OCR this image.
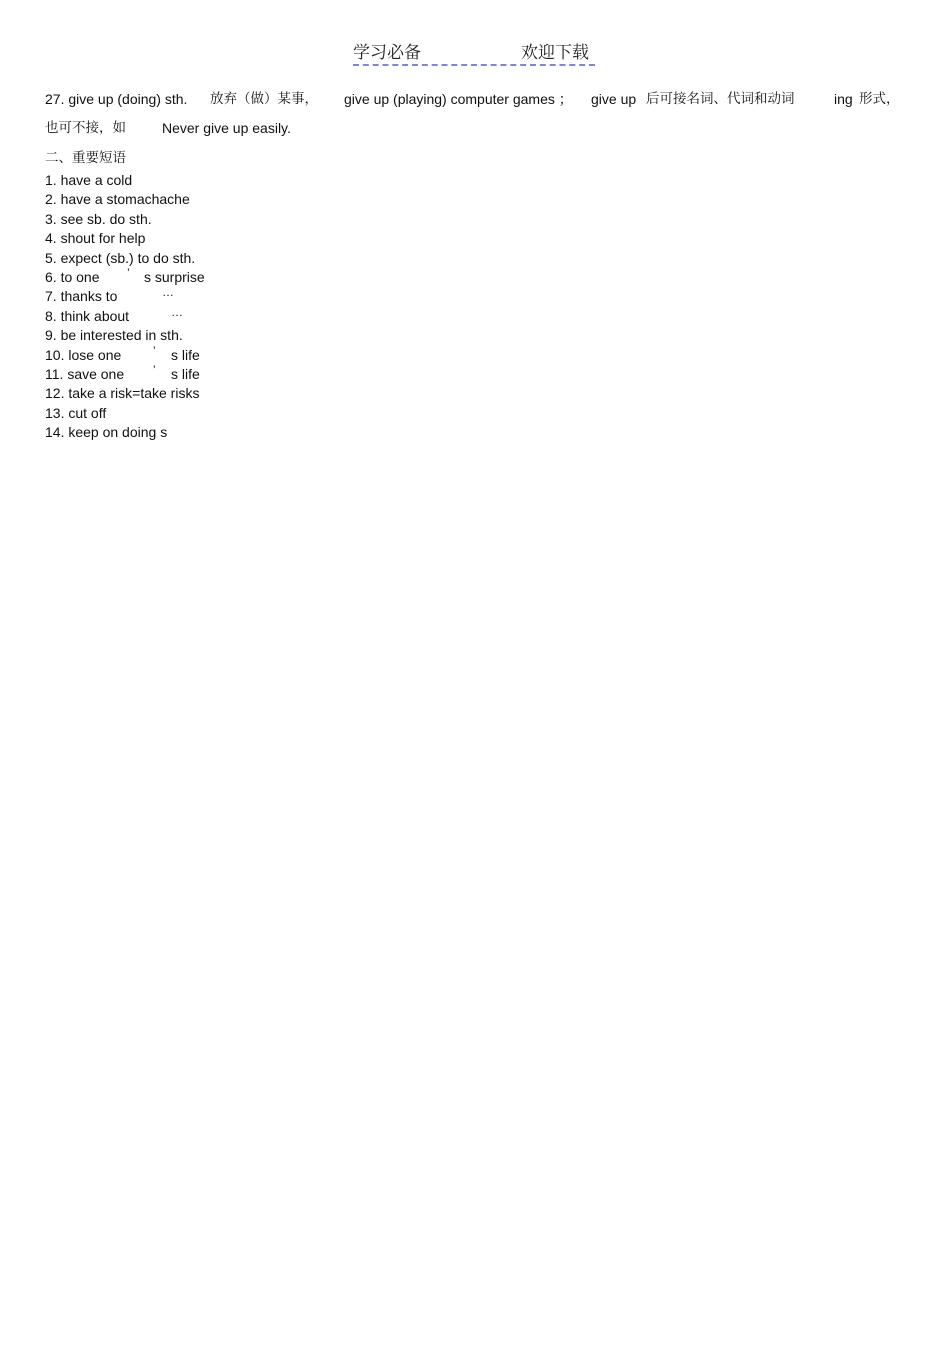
学习必备	欢迎下载
27. give up (doing) sth. 放弃（做）某事， give up (playing) computer games ； give up 后可接名词、代词和动词	ing 形式，
也可不接，如	Never give up easily.
二、重要短语
1. have a cold
2. have a stomachache
3. see sb. do sth.
4. shout for help
5. expect (sb.) to do sth.
6. to one ’ s surprise
7. thanks to	…
8. think about	…
9. be interested in sth.
10. lose one	’ s life
11. save one ’ s life
12. take a risk=take risks
13. cut off
14. keep on doing s
